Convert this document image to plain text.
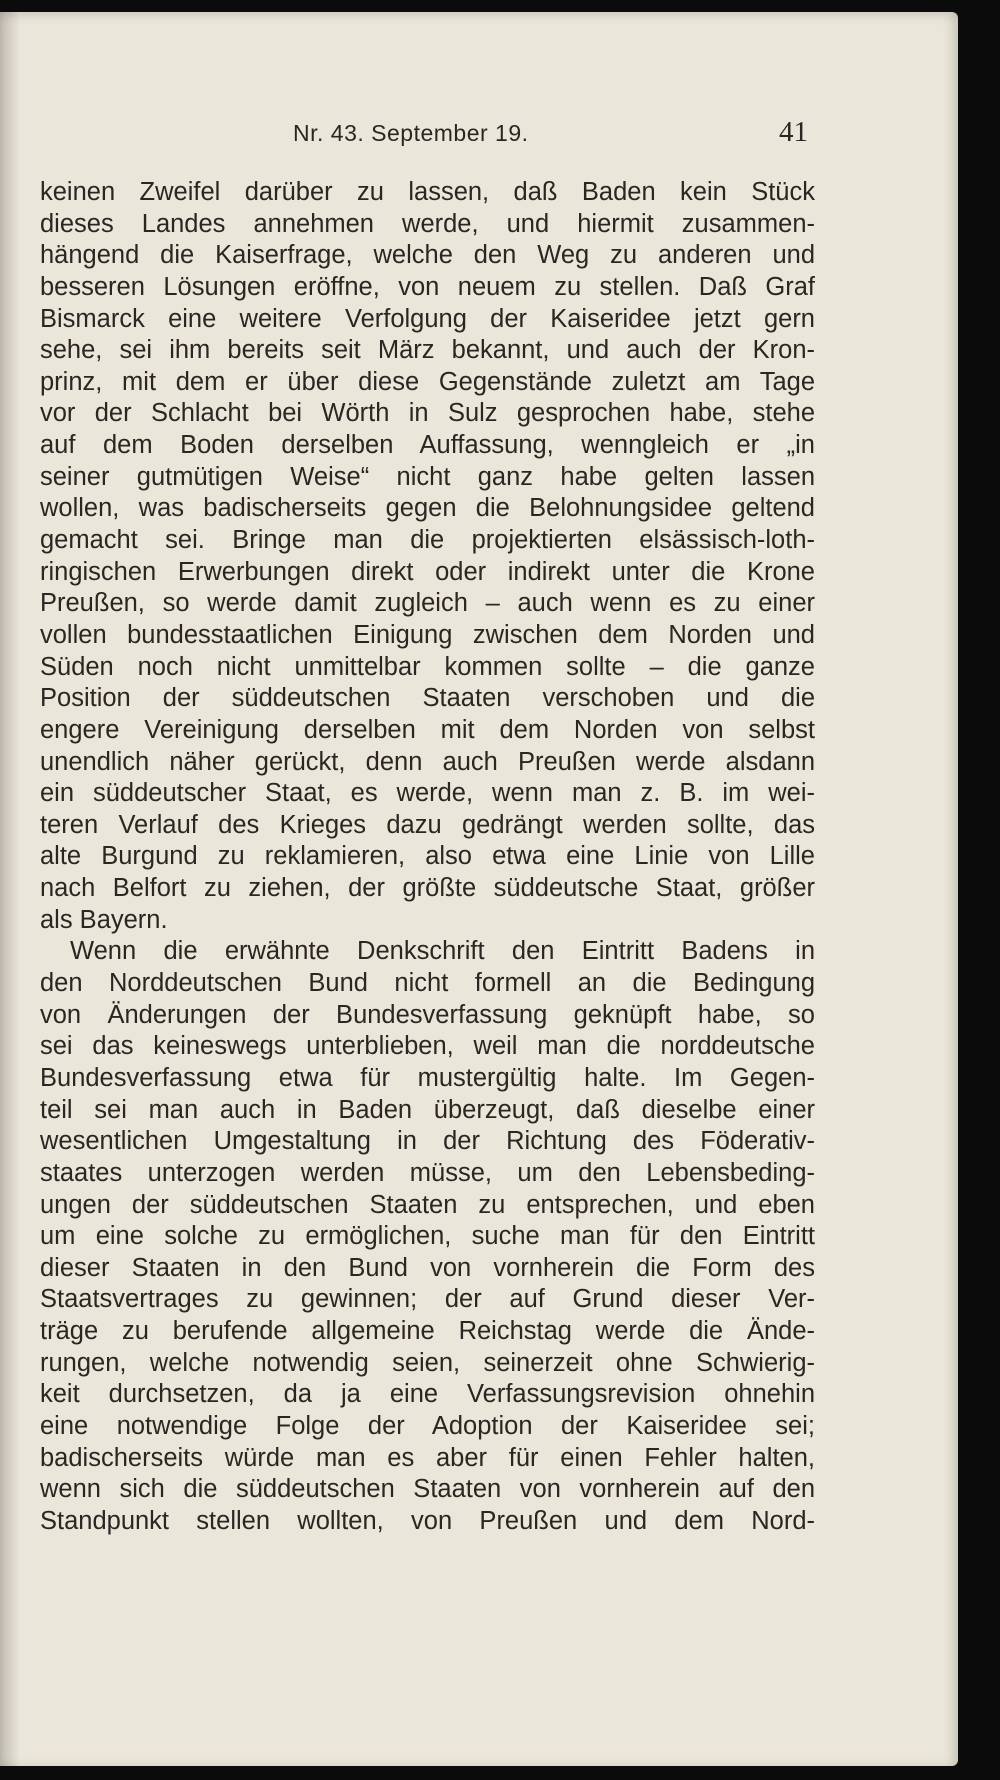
Nr. 43. September 19.	41
keinen Zweifel darüber zu lassen, daß Baden kein Stück
dieses Landes annehmen werde, und hiermit zusammen-
hängend die Kaiserfrage, welche den Weg zu anderen und
besseren Lösungen eröffne, von neuem zu stellen. Daß Graf
Bismarck eine weitere Verfolgung der Kaiseridee jetzt gern
sehe, sei ihm bereits seit März bekannt, und auch der Kron-
prinz, mit dem er über diese Gegenstände zuletzt am Tage
vor der Schlacht bei Wörth in Sulz gesprochen habe, stehe
auf dem Boden derselben Auffassung, wenngleich er „in
seiner gutmütigen Weise“ nicht ganz habe gelten lassen
wollen, was badischerseits gegen die Belohnungsidee geltend
gemacht sei. Bringe man die projektierten elsässisch-loth-
ringischen Erwerbungen direkt oder indirekt unter die Krone
Preußen, so werde damit zugleich – auch wenn es zu einer
vollen bundesstaatlichen Einigung zwischen dem Norden und
Süden noch nicht unmittelbar kommen sollte – die ganze
Position der süddeutschen Staaten verschoben und die
engere Vereinigung derselben mit dem Norden von selbst
unendlich näher gerückt, denn auch Preußen werde alsdann
ein süddeutscher Staat, es werde, wenn man z. B. im wei-
teren Verlauf des Krieges dazu gedrängt werden sollte, das
alte Burgund zu reklamieren, also etwa eine Linie von Lille
nach Belfort zu ziehen, der größte süddeutsche Staat, größer
als Bayern.
Wenn die erwähnte Denkschrift den Eintritt Badens in
den Norddeutschen Bund nicht formell an die Bedingung
von Änderungen der Bundesverfassung geknüpft habe, so
sei das keineswegs unterblieben, weil man die norddeutsche
Bundesverfassung etwa für mustergültig halte. Im Gegen-
teil sei man auch in Baden überzeugt, daß dieselbe einer
wesentlichen Umgestaltung in der Richtung des Föderativ-
staates unterzogen werden müsse, um den Lebensbeding-
ungen der süddeutschen Staaten zu entsprechen, und eben
um eine solche zu ermöglichen, suche man für den Eintritt
dieser Staaten in den Bund von vornherein die Form des
Staatsvertrages zu gewinnen; der auf Grund dieser Ver-
träge zu berufende allgemeine Reichstag werde die Ände-
rungen, welche notwendig seien, seinerzeit ohne Schwierig-
keit durchsetzen, da ja eine Verfassungsrevision ohnehin
eine notwendige Folge der Adoption der Kaiseridee sei;
badischerseits würde man es aber für einen Fehler halten,
wenn sich die süddeutschen Staaten von vornherein auf den
Standpunkt stellen wollten, von Preußen und dem Nord-
